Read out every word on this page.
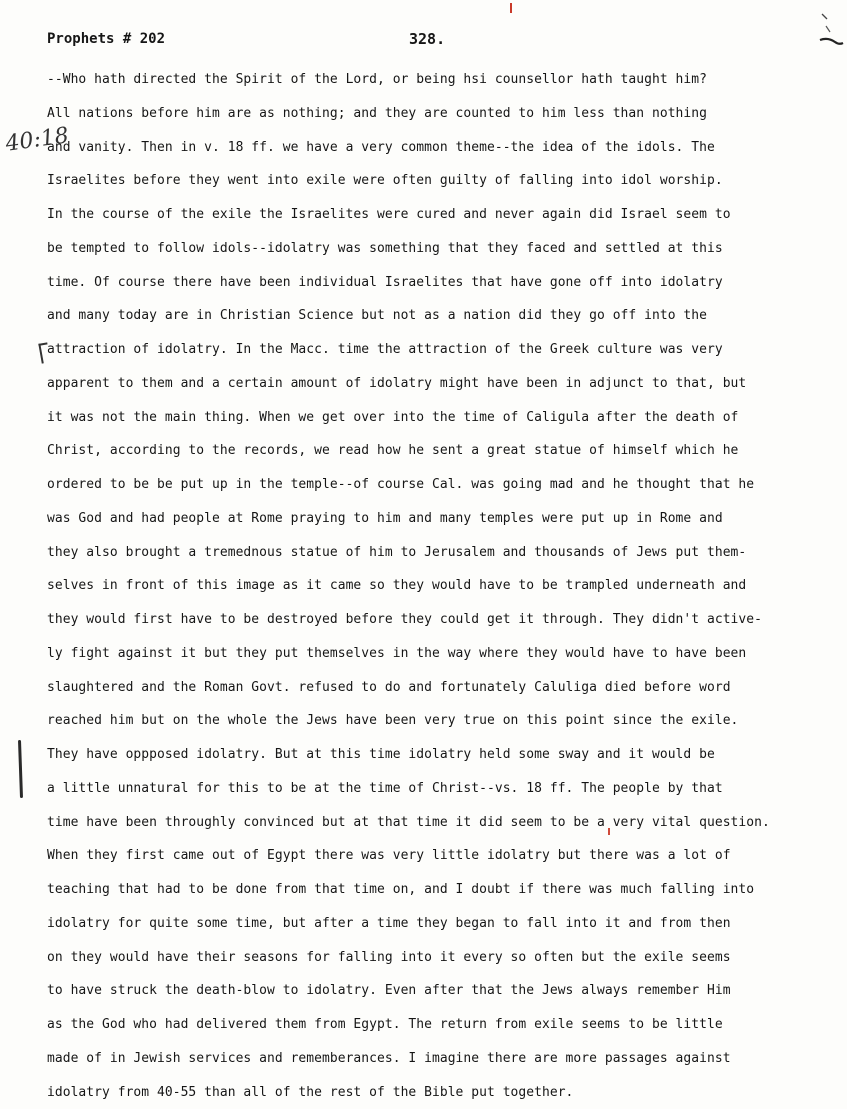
Prophets # 202	328.
40:18
--Who hath directed the Spirit of the Lord, or being hsi counsellor hath taught him?
All nations before him are as nothing; and they are counted to him less than nothing
and vanity. Then in v. 18 ff. we have a very common theme--the idea of the idols. The
Israelites before they went into exile were often guilty of falling into idol worship.
In the course of the exile the Israelites were cured and never again did Israel seem to
be tempted to follow idols--idolatry was something that they faced and settled at this
time. Of course there have been individual Israelites that have gone off into idolatry
and many today are in Christian Science but not as a nation did they go off into the
attraction of idolatry. In the Macc. time the attraction of the Greek culture was very
apparent to them and a certain amount of idolatry might have been in adjunct to that, but
it was not the main thing. When we get over into the time of Caligula after the death of
Christ, according to the records, we read how he sent a great statue of himself which he
ordered to be be put up in the temple--of course Cal. was going mad and he thought that he
was God and had people at Rome praying to him and many temples were put up in Rome and
they also brought a tremednous statue of him to Jerusalem and thousands of Jews put them-
selves in front of this image as it came so they would have to be trampled underneath and
they would first have to be destroyed before they could get it through. They didn't active-
ly fight against it but they put themselves in the way where they would have to have been
slaughtered and the Roman Govt. refused to do and fortunately Caluliga died before word
reached him but on the whole the Jews have been very true on this point since the exile.
They have oppposed idolatry. But at this time idolatry held some sway and it would be
a little unnatural for this to be at the time of Christ--vs. 18 ff. The people by that
time have been throughly convinced but at that time it did seem to be a very vital question.
When they first came out of Egypt there was very little idolatry but there was a lot of
teaching that had to be done from that time on, and I doubt if there was much falling into
idolatry for quite some time, but after a time they began to fall into it and from then
on they would have their seasons for falling into it every so often but the exile seems
to have struck the death-blow to idolatry. Even after that the Jews always remember Him
as the God who had delivered them from Egypt. The return from exile seems to be little
made of in Jewish services and rememberances. I imagine there are more passages against
idolatry from 40-55 than all of the rest of the Bible put together.
